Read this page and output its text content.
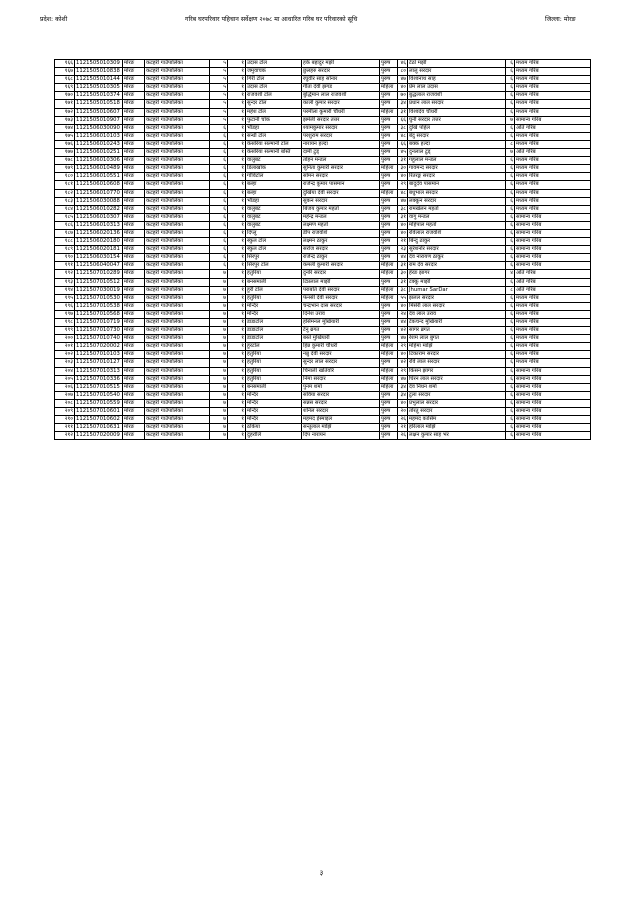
प्रदेश: कोशी	गरिब घरपरिवार पहिचान सर्वेक्षण २०७८ मा आधारित गरिब घर परिवारको सूचि	जिल्ला: मोरङ
१६६	1121505010309	मोरङ	कटहरी गाउँपालिका	५	१	उदास टोल	हर्क बहादुर मझी	पुरुष	४६	टेठो मझी	६	मध्यम गरिब
१६७	1121505010838	मोरङ	कटहरी गाउँपालिका	५	१	जमुवाचक	छुलहरु सरदार	पुरुष	८०	लालु सरदार	६	मध्यम गरिब
१६८	1121505010144	मोरङ	कटहरी गाउँपालिका	५	१	गिरी टोल	रघुवीर साह सोनार	पुरुष	४७	विश्वनाथ साह	६	मध्यम गरिब
१६९	1121505010305	मोरङ	कटहरी गाउँपालिका	५	१	उदास टोल	गीता देवी झगड	महिला	४०	प्रेम लाल उदास	६	मध्यम गरिब
१७०	1121505010374	मोरङ	कटहरी गाउँपालिका	५	१	राजवंशी टोल	बुद्धिमान लाल राजवंशी	पुरुष	७०	बुद्धलाल राजवंशी	६	मध्यम गरिब
१७१	1121505010518	मोरङ	कटहरी गाउँपालिका	५	१	सुन्दर टोल	काली कुमार सरदार	पुरुष	३४	प्रधान लाल सरदार	६	मध्यम गरिब
१७२	1121505010607	मोरङ	कटहरी गाउँपालिका	५	१	महेश टोल	परमीला कुमारी चौधरी	महिला	३१	विश्वदेव चौधरी	६	मध्यम गरिब
१७३	1121505010907	मोरङ	कटहरी गाउँपालिका	५	१	फुटानी चोक	झमेली सरदार तत्तर	पुरुष	६६	घुनी सरदार तत्तर	७	सामान्य गरिब
१७४	1121506030090	मोरङ	कटहरी गाउँपालिका	६	१	भौंडहा	श्यामकुमार सरदार	पुरुष	३८	दुखि पहिल	६	अति गरिब
१७५	1121506010103	मोरङ	कटहरी गाउँपालिका	६	१	सन्धी टोल	परशुराम सरदार	पुरुष	४८	बेदु सरदार	६	मध्यम गरिब
१७६	1121506010243	मोरङ	कटहरी गाउँपालिका	६	१	केसरिया सल्मानी टोल	नारायन हल्दा	पुरुष	६६	बक्क हल्दा	८	मध्यम गरिब
१७७	1121506010251	मोरङ	कटहरी गाउँपालिका	६	१	केसरिया सल्मानी बस्ति	दामी टुड्	पुरुष	४५	दुनलाल टुड्	७	अति गरिब
१७८	1121506010306	मोरङ	कटहरी गाउँपालिका	६	१	वालुबट	तोहन मन्डल	पुरुष	३१	गहुलाल मन्डल	६	मध्यम गरिब
१७९	1121506010489	मोरङ	कटहरी गाउँपालिका	६	१	डिलाखोंक	सुनिता कुमारी सरदार	महिला	३०	गावमन्द सरदार	६	मध्यम गरिब
१८०	1121506010551	मोरङ	कटहरी गाउँपालिका	६	१	गोविटोल	सोमन सरदार	पुरुष	४०	रितरङ्ग सरदार	६	मध्यम गरिब
१८१	1121506010608	मोरङ	कटहरी गाउँपालिका	६	१	बल्हा	राजेन्द्र कुमार पासमान	पुरुष	२९	बादुदेव पासमान	६	मध्यम गरिब
१८२	1121506010770	मोरङ	कटहरी गाउँपालिका	६	१	बल्हा	दुखिया देवी सरदार	महिला	४८	बधुभाल सरदार	६	मध्यम गरिब
१८३	1121506030088	मोरङ	कटहरी गाउँपालिका	६	१	भौंडहा	सुकन सरदार	पुरुष	४७	लक्कुन सरदार	६	मध्यम गरिब
१८४	1121506010282	मोरङ	कटहरी गाउँपालिका	६	१	वालुबट	बिजय कुमार महतो	पुरुष	३८	रामखेलन महतो	६	मध्यम गरिब
१८५	1121506010307	मोरङ	कटहरी गाउँपालिका	६	१	वालुबट	महेन्द्र मन्डल	पुरुष	३१	वागु मन्डल	६	सामान्य गरिब
१८६	1121506010313	मोरङ	कटहरी गाउँपालिका	६	१	वालुबट	लक्ष्मण महतो	पुरुष	४०	महिपाल महतो	६	सामान्य गरिब
१८७	1121506020136	मोरङ	कटहरी गाउँपालिका	६	१	दिप्लु	डीप राजवंशि	पुरुष	४०	रविलाल राजवंशि	६	सामान्य गरिब
१८८	1121506020180	मोरङ	कटहरी गाउँपालिका	६	१	स्कुल टोल	लक्ष्मन ठाकुर	पुरुष	२१	बिन्दु ठाकुर	६	सामान्य गरिब
१८९	1121506020181	मोरङ	कटहरी गाउँपालिका	६	१	स्कुल टोल	सरोज सरदार	पुरुष	२३	सुरेशनोर सरदार	६	सामान्य गरिब
१९०	1121506030154	मोरङ	कटहरी गाउँपालिका	६	१	सिरपुर	राजेन्द्र ठाकुर	पुरुष	४४	देव नारायण ठाकुर	६	सामान्य गरिब
१९१	1121506040047	मोरङ	कटहरी गाउँपालिका	६	१	सिरपुर टोल	कमली कुमारी सरदार	महिला	३१	राम देव सरदार	६	सामान्य गरिब
१९२	1121507010289	मोरङ	कटहरी गाउँपालिका	७	१	हतुरिया	दुनरि सरदार	महिला	३०	हेरङ झागर	४	अति गरिब
१९३	1121507010512	मोरङ	कटहरी गाउँपालिका	७	१	बनसमाली	टिप्नलाल माझी	पुरुष	३१	टक्कु माझी	६	अति गरिब
१९४	1121507030019	मोरङ	कटहरी गाउँपालिका	७	१	हुरी टोल	पराबति देवी सरदार	महिला	३८	Jhumar SarDar	८	अति गरिब
१९५	1121507010530	मोरङ	कटहरी गाउँपालिका	७	१	हतुरिया	फेनसी देवी सरदार	महिला	५५	झलल सरदार	६	मध्यम गरिब
१९६	1121507010538	मोरङ	कटहरी गाउँपालिका	७	१	मन्दिर	चन्द्रभान दास सरदार	पुरुष	४०	मिसेरी लाल सरदार	६	मध्यम गरिब
१९७	1121507010568	मोरङ	कटहरी गाउँपालिका	७	१	मन्दिर	दिनेश उराव	पुरुष	२४	देव लाल उराव	६	मध्यम गरिब
१९८	1121507010719	मोरङ	कटहरी गाउँपालिका	७	१	डाडाटोल	हसिमनल मुखियारी	पुरुष	४४	टेकचन्द मुखियारी	६	मध्यम गरिब
१९९	1121507010730	मोरङ	कटहरी गाउँपालिका	७	१	डाडाटोल	टेनु ब्रगत	पुरुष	४२	सागर ब्रगत	६	मध्यम गरिब
२००	1121507010740	मोरङ	कटहरी गाउँपालिका	७	१	डाडाटोल	बस्ते मुखियारी	पुरुष	४७	रेशम लाल बुगत	६	मध्यम गरिब
२०१	1121507020002	मोरङ	कटहरी गाउँपालिका	७	१	हुरटोल	हिन्न कुमारी चौधरी	महिला	२९	महिमा माझि	६	मध्यम गरिब
२०२	1121507010103	मोरङ	कटहरी गाउँपालिका	७	१	हतुरिया	नन्नु देवी सरदार	महिला	४०	टिकाराम सरदार	६	मध्यम गरिब
२०३	1121507010127	मोरङ	कटहरी गाउँपालिका	७	१	हतुरिया	सुन्दर लाल सरदार	पुरुष	४२	रवि लाल सरदार	६	मध्यम गरिब
२०४	1121507010313	मोरङ	कटहरी गाउँपालिका	७	१	हतुरिया	चिनाली खतिवरि	महिला	२९	किसन झागर	६	सामान्य गरिब
२०५	1121507010336	मोरङ	कटहरी गाउँपालिका	७	१	हतुरिया	निमा सरदार	महिला	४७	घिरन लाल सरदार	६	सामान्य गरिब
२०६	1121507010515	मोरङ	कटहरी गाउँपालिका	७	१	बनसमाली	पुनम शर्मा	महिला	३४	देव निधन शर्मा	६	सामान्य गरिब
२०७	1121507010540	मोरङ	कटहरी गाउँपालिका	७	१	मन्दिर	सविया सरदार	पुरुष	३४	टुला सरदार	६	सामान्य गरिब
२०८	1121507010559	मोरङ	कटहरी गाउँपालिका	७	१	मन्दिर	सन्नस सरदार	पुरुष	४०	प्रभुलाल सरदार	६	सामान्य गरिब
२०९	1121507010601	मोरङ	कटहरी गाउँपालिका	७	१	मन्दिर	शनिल सरदार	पुरुष	२०	तोरतु सरदार	६	सामान्य गरिब
२१०	1121507010602	मोरङ	कटहरी गाउँपालिका	७	१	मन्दिर	महमद ईस्माइल	पुरुष	२६	महमद कासिम	६	सामान्य गरिब
२११	1121507010631	मोरङ	कटहरी गाउँपालिका	७	१	ठकिया	सन्तुलाल माझि	पुरुष	२१	हरिलाल माझि	६	सामान्य गरिब
२१२	1121507020009	मोरङ	कटहरी गाउँपालिका	७	१	दुहरोलि	दिप नारायन	पुरुष	२६	लक्षन कुमार साह भर	६	सामान्य गरिब
३
